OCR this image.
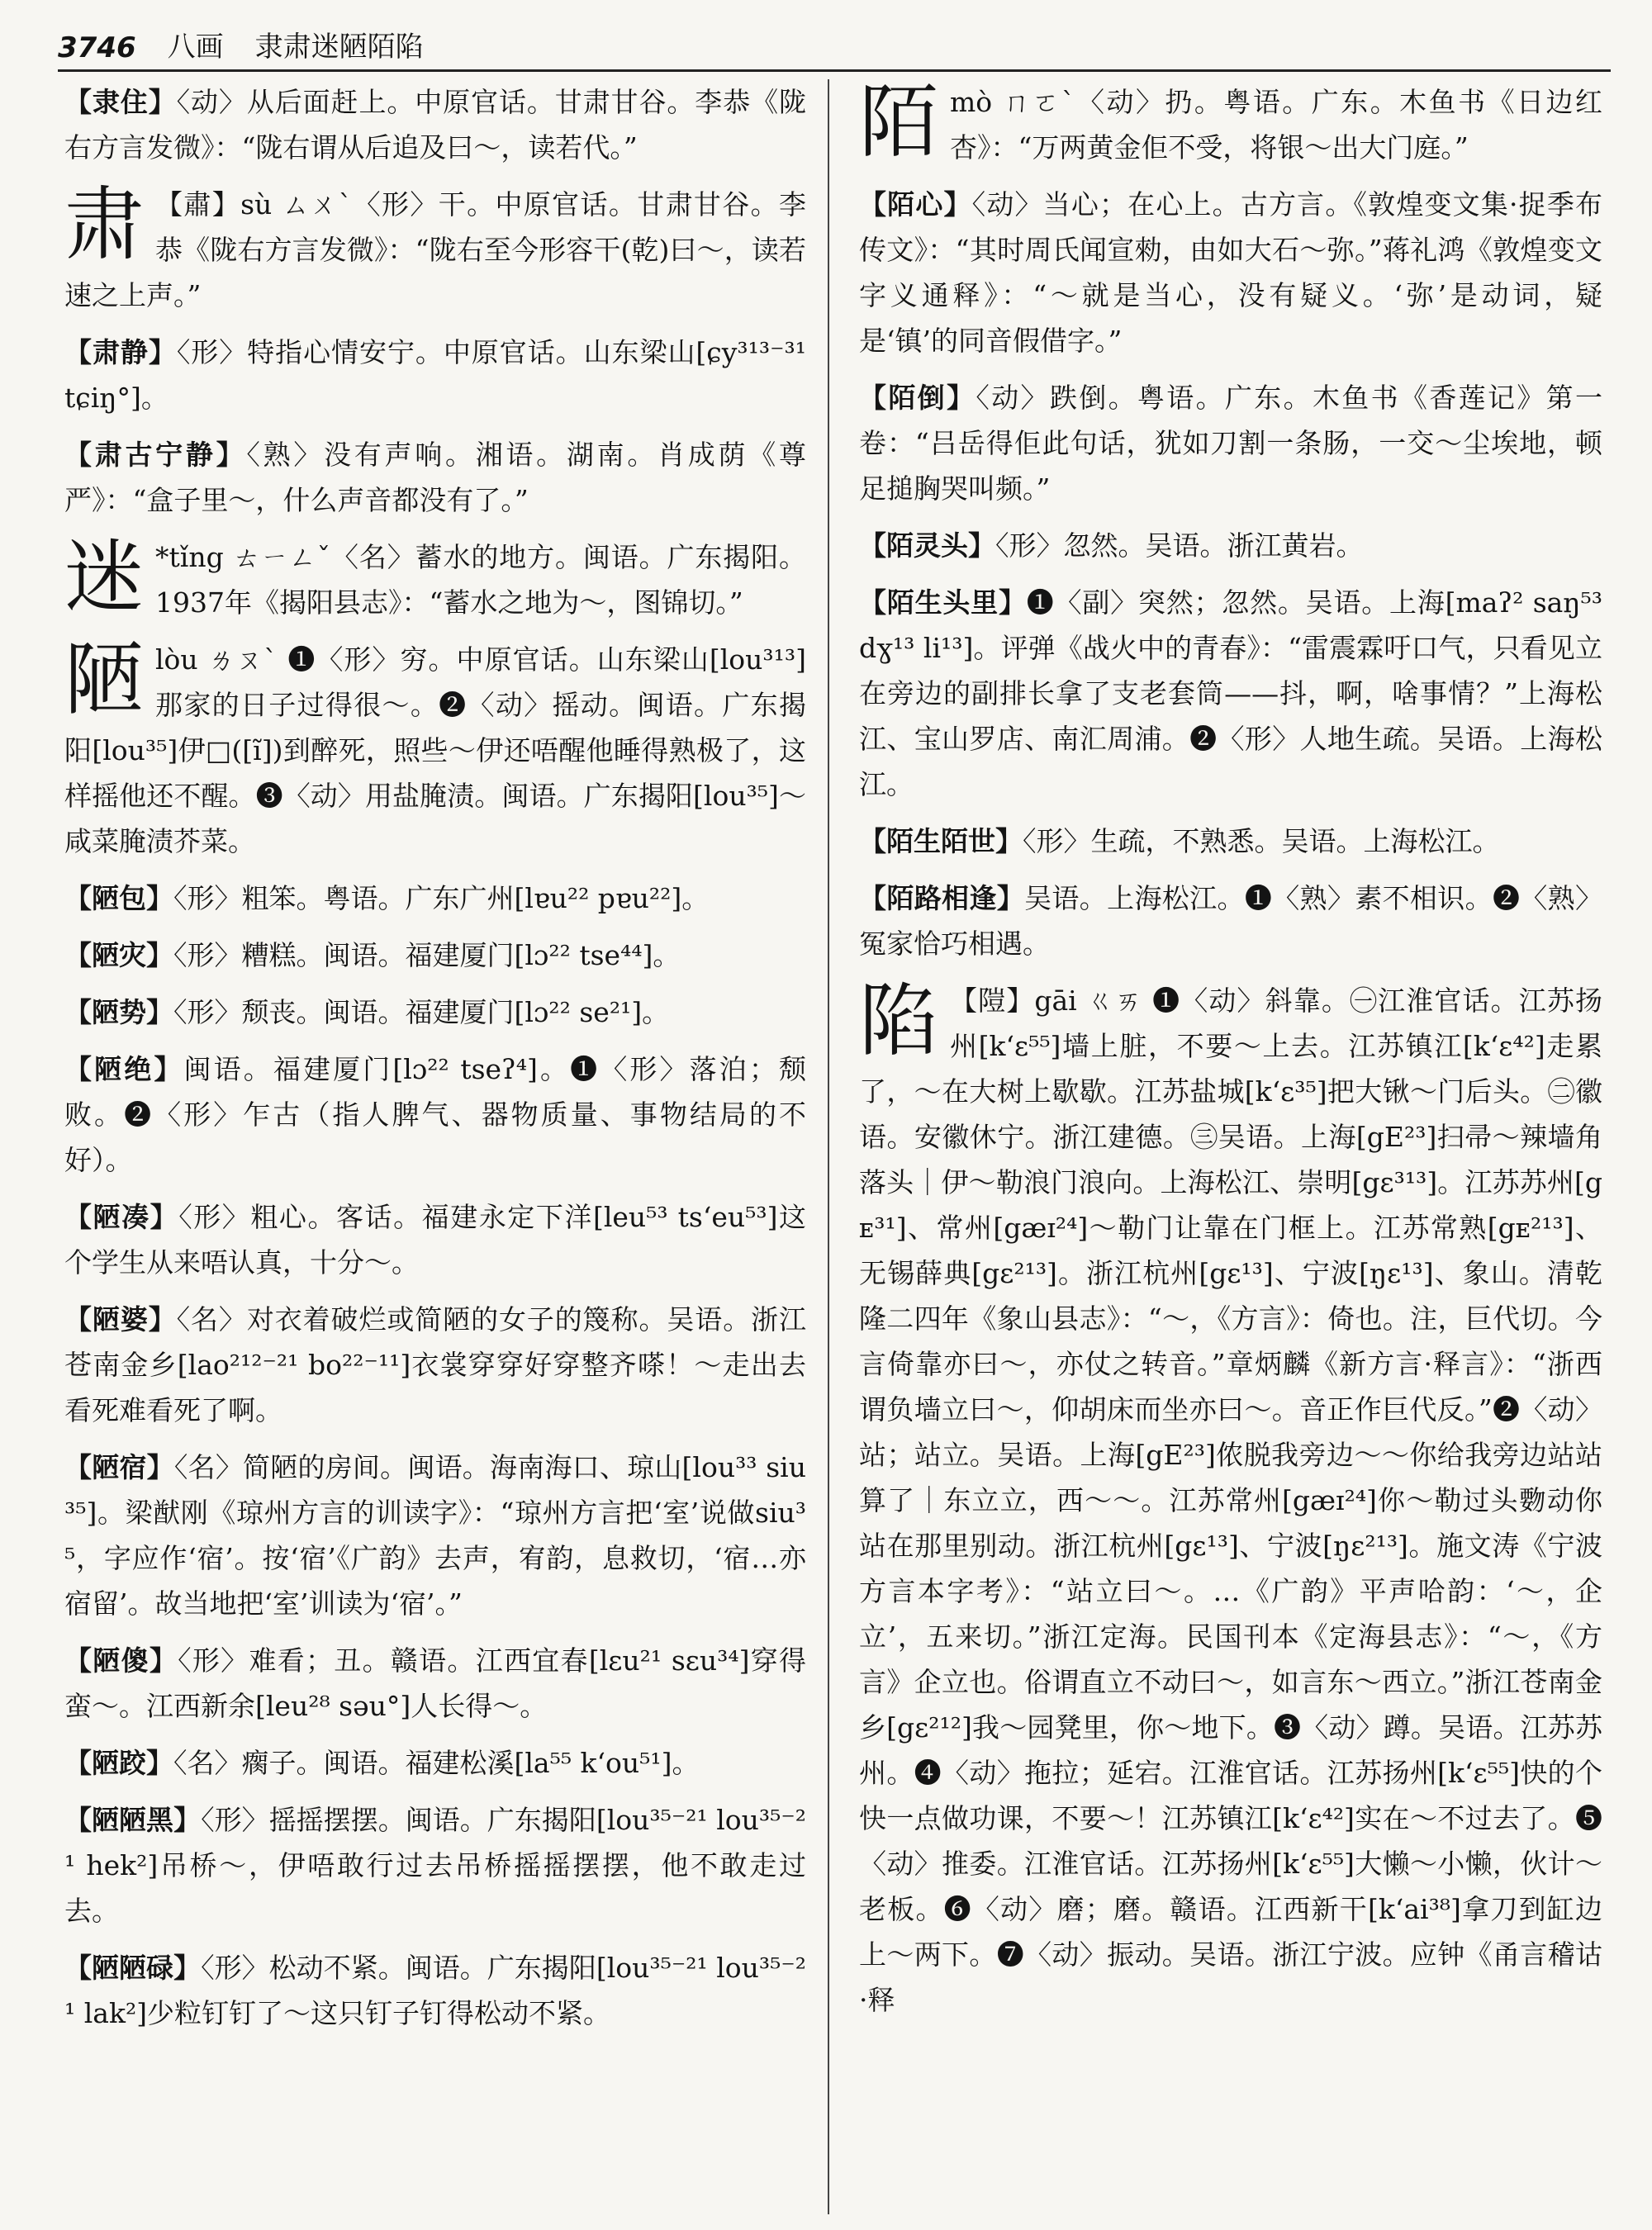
3746 八画 隶肃迷陋陌陷

【隶住】〈动〉从后面赶上。中原官话。甘肃甘谷。李恭《陇右方言发微》：“陇右谓从后追及曰～，读若代。”

肃 【肅】sù ㄙㄨˋ〈形〉干。中原官话。甘肃甘谷。李恭《陇右方言发微》：“陇右至今形容干(乾)曰～，读若速之上声。”

【肃静】〈形〉特指心情安宁。中原官话。山东梁山[ɕy³¹³⁻³¹ tɕiŋ°]。

【肃古宁静】〈熟〉没有声响。湘语。湖南。肖成荫《尊严》：“盒子里～，什么声音都没有了。”

迷 *tǐng ㄊㄧㄥˇ〈名〉蓄水的地方。闽语。广东揭阳。1937年《揭阳县志》：“蓄水之地为～，图锦切。”

陋 lòu ㄌㄡˋ ❶〈形〉穷。中原官话。山东梁山[lou³¹³]那家的日子过得很～。❷〈动〉摇动。闽语。广东揭阳[lou³⁵]伊□([ĩ])到醉死，照些～伊还唔醒他睡得熟极了，这样摇他还不醒。❸〈动〉用盐腌渍。闽语。广东揭阳[lou³⁵]～咸菜腌渍芥菜。

【陋包】〈形〉粗笨。粤语。广东广州[lɐu²² pɐu²²]。

【陋灾】〈形〉糟糕。闽语。福建厦门[lɔ²² tse⁴⁴]。

【陋势】〈形〉颓丧。闽语。福建厦门[lɔ²² se²¹]。

【陋绝】闽语。福建厦门[lɔ²² tseʔ⁴]。❶〈形〉落泊；颓败。❷〈形〉乍古（指人脾气、器物质量、事物结局的不好）。

【陋凑】〈形〉粗心。客话。福建永定下洋[leu⁵³ ts‘eu⁵³]这个学生从来唔认真，十分～。

【陋婆】〈名〉对衣着破烂或简陋的女子的篾称。吴语。浙江苍南金乡[lao²¹²⁻²¹ bo²²⁻¹¹]衣裳穿穿好穿整齐嗏！～走出去看死难看死了啊。

【陋宿】〈名〉简陋的房间。闽语。海南海口、琼山[lou³³ siu³⁵]。梁猷刚《琼州方言的训读字》：“琼州方言把‘室’说做siu³⁵，字应作‘宿’。按‘宿’《广韵》去声，宥韵，息救切，‘宿…亦宿留’。故当地把‘室’训读为‘宿’。”

【陋傻】〈形〉难看；丑。赣语。江西宜春[lɛu²¹ sɛu³⁴]穿得蛮～。江西新余[leu²⁸ səu°]人长得～。

【陋跤】〈名〉瘸子。闽语。福建松溪[la⁵⁵ k‘ou⁵¹]。

【陋陋黑】〈形〉摇摇摆摆。闽语。广东揭阳[lou³⁵⁻²¹ lou³⁵⁻²¹ hek²]吊桥～，伊唔敢行过去吊桥摇摇摆摆，他不敢走过去。

【陋陋碌】〈形〉松动不紧。闽语。广东揭阳[lou³⁵⁻²¹ lou³⁵⁻²¹ lak²]少粒钉钉了～这只钉子钉得松动不紧。

陌 mò ㄇㄛˋ〈动〉扔。粤语。广东。木鱼书《日边红杏》：“万两黄金佢不受，将银～出大门庭。”

【陌心】〈动〉当心；在心上。古方言。《敦煌变文集·捉季布传文》：“其时周氏闻宣勑，由如大石～弥。”蒋礼鸿《敦煌变文字义通释》：“～就是当心，没有疑义。‘弥’是动词，疑是‘镇’的同音假借字。”

【陌倒】〈动〉跌倒。粤语。广东。木鱼书《香莲记》第一卷：“吕岳得佢此句话，犹如刀割一条肠，一交～尘埃地，顿足搥胸哭叫频。”

【陌灵头】〈形〉忽然。吴语。浙江黄岩。

【陌生头里】❶〈副〉突然；忽然。吴语。上海[maʔ² saŋ⁵³ dɣ¹³ li¹³]。评弹《战火中的青春》：“雷震霖吁口气，只看见立在旁边的副排长拿了支老套筒——抖，啊，啥事情？”上海松江、宝山罗店、南汇周浦。❷〈形〉人地生疏。吴语。上海松江。

【陌生陌世】〈形〉生疏，不熟悉。吴语。上海松江。

【陌路相逢】吴语。上海松江。❶〈熟〉素不相识。❷〈熟〉冤家恰巧相遇。

陷 【隑】gāi ㄍㄞ ❶〈动〉斜靠。㊀江淮官话。江苏扬州[k‘ɛ⁵⁵]墙上脏，不要～上去。江苏镇江[k‘ɛ⁴²]走累了，～在大树上歇歇。江苏盐城[k‘ɛ³⁵]把大锹～门后头。㊁徽语。安徽休宁。浙江建德。㊂吴语。上海[gE²³]扫帚～辣墙角落头｜伊～勒浪门浪向。上海松江、崇明[gɛ³¹³]。江苏苏州[gᴇ³¹]、常州[gæɪ²⁴]～勒门让靠在门框上。江苏常熟[gᴇ²¹³]、无锡薛典[gɛ²¹³]。浙江杭州[gɛ¹³]、宁波[ŋɛ¹³]、象山。清乾隆二四年《象山县志》：“～，《方言》：倚也。注，巨代切。今言倚靠亦曰～，亦仗之转音。”章炳麟《新方言·释言》：“浙西谓负墙立曰～，仰胡床而坐亦曰～。音正作巨代反。”❷〈动〉站；站立。吴语。上海[gE²³]侬脱我旁边～～你给我旁边站站算了｜东立立，西～～。江苏常州[gæɪ²⁴]你～勒过头覅动你站在那里别动。浙江杭州[gɛ¹³]、宁波[ŋɛ²¹³]。施文涛《宁波方言本字考》：“站立曰～。…《广韵》平声哈韵：‘～，企立’，五来切。”浙江定海。民国刊本《定海县志》：“～，《方言》企立也。俗谓直立不动曰～，如言东～西立。”浙江苍南金乡[gɛ²¹²]我～园凳里，你～地下。❸〈动〉蹲。吴语。江苏苏州。❹〈动〉拖拉；延宕。江淮官话。江苏扬州[k‘ɛ⁵⁵]快的个快一点做功课，不要～！江苏镇江[k‘ɛ⁴²]实在～不过去了。❺〈动〉推委。江淮官话。江苏扬州[k‘ɛ⁵⁵]大懒～小懒，伙计～老板。❻〈动〉磨；磨。赣语。江西新干[k‘ai³⁸]拿刀到缸边上～两下。❼〈动〉振动。吴语。浙江宁波。应钟《甬言稽诂·释
